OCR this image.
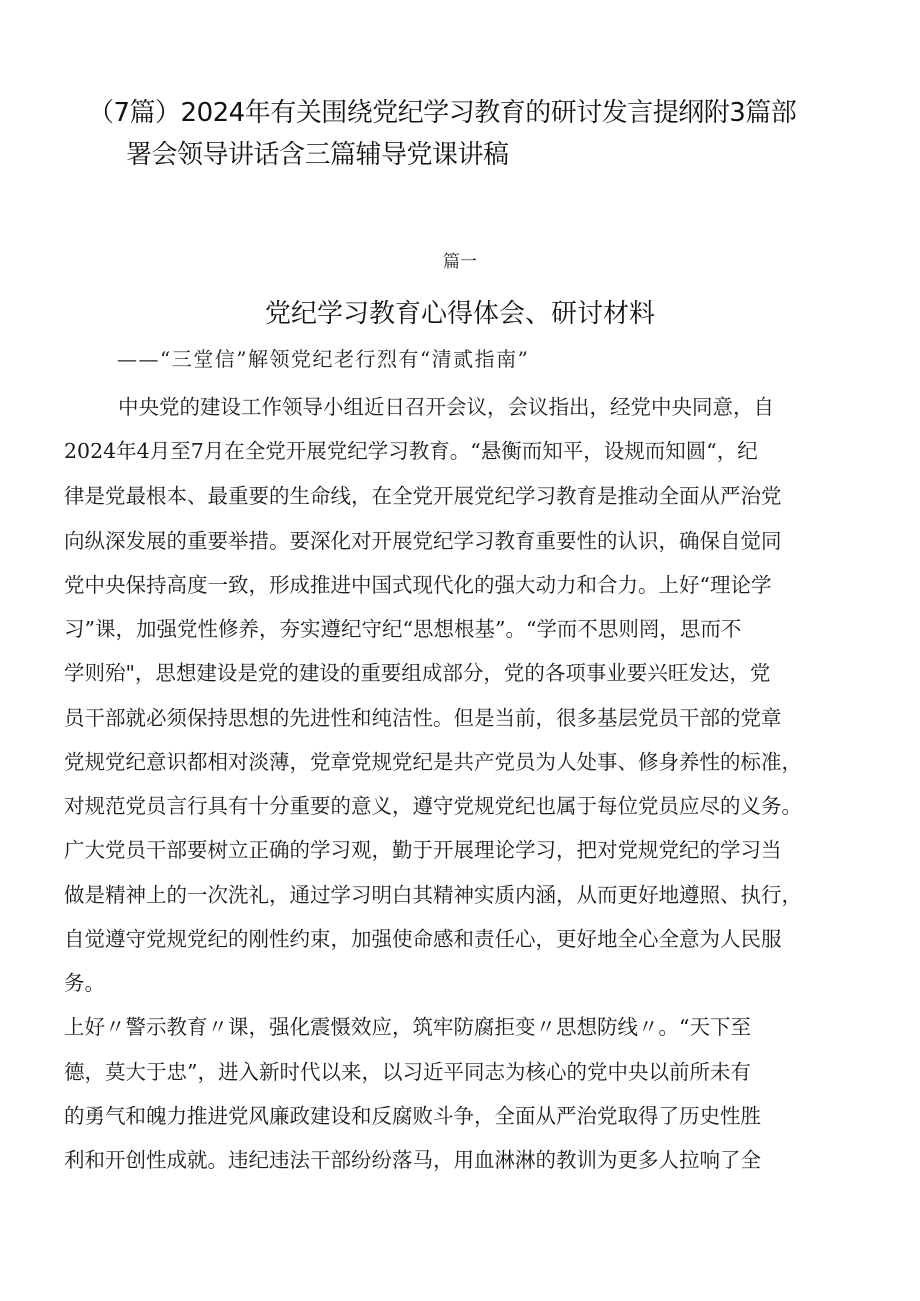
（7篇）2024年有关围绕党纪学习教育的研讨发言提纲附3篇部
署会领导讲话含三篇辅导党课讲稿
篇一
党纪学习教育心得体会、研讨材料
——“三堂信”解领党纪老行烈有“清贰指南”
中央党的建设工作领导小组近日召开会议，会议指出，经党中央同意，自
2024年4月至7月在全党开展党纪学习教育。“悬衡而知平，设规而知圆“，纪
律是党最根本、最重要的生命线，在全党开展党纪学习教育是推动全面从严治党
向纵深发展的重要举措。要深化对开展党纪学习教育重要性的认识，确保自觉同
党中央保持高度一致，形成推进中国式现代化的强大动力和合力。上好“理论学
习”课，加强党性修养，夯实遵纪守纪“思想根基”。“学而不思则罔，思而不
学则殆"，思想建设是党的建设的重要组成部分，党的各项事业要兴旺发达，党
员干部就必须保持思想的先进性和纯洁性。但是当前，很多基层党员干部的党章
党规党纪意识都相对淡薄，党章党规党纪是共产党员为人处事、修身养性的标准，
对规范党员言行具有十分重要的意义，遵守党规党纪也属于每位党员应尽的义务。
广大党员干部要树立正确的学习观，勤于开展理论学习，把对党规党纪的学习当
做是精神上的一次洗礼，通过学习明白其精神实质内涵，从而更好地遵照、执行，
自觉遵守党规党纪的刚性约束，加强使命感和责任心，更好地全心全意为人民服
务。
上好〃警示教育〃课，强化震慑效应，筑牢防腐拒变〃思想防线〃。“天下至
德，莫大于忠”，进入新时代以来，以习近平同志为核心的党中央以前所未有
的勇气和魄力推进党风廉政建设和反腐败斗争，全面从严治党取得了历史性胜
利和开创性成就。违纪违法干部纷纷落马，用血淋淋的教训为更多人拉响了全
